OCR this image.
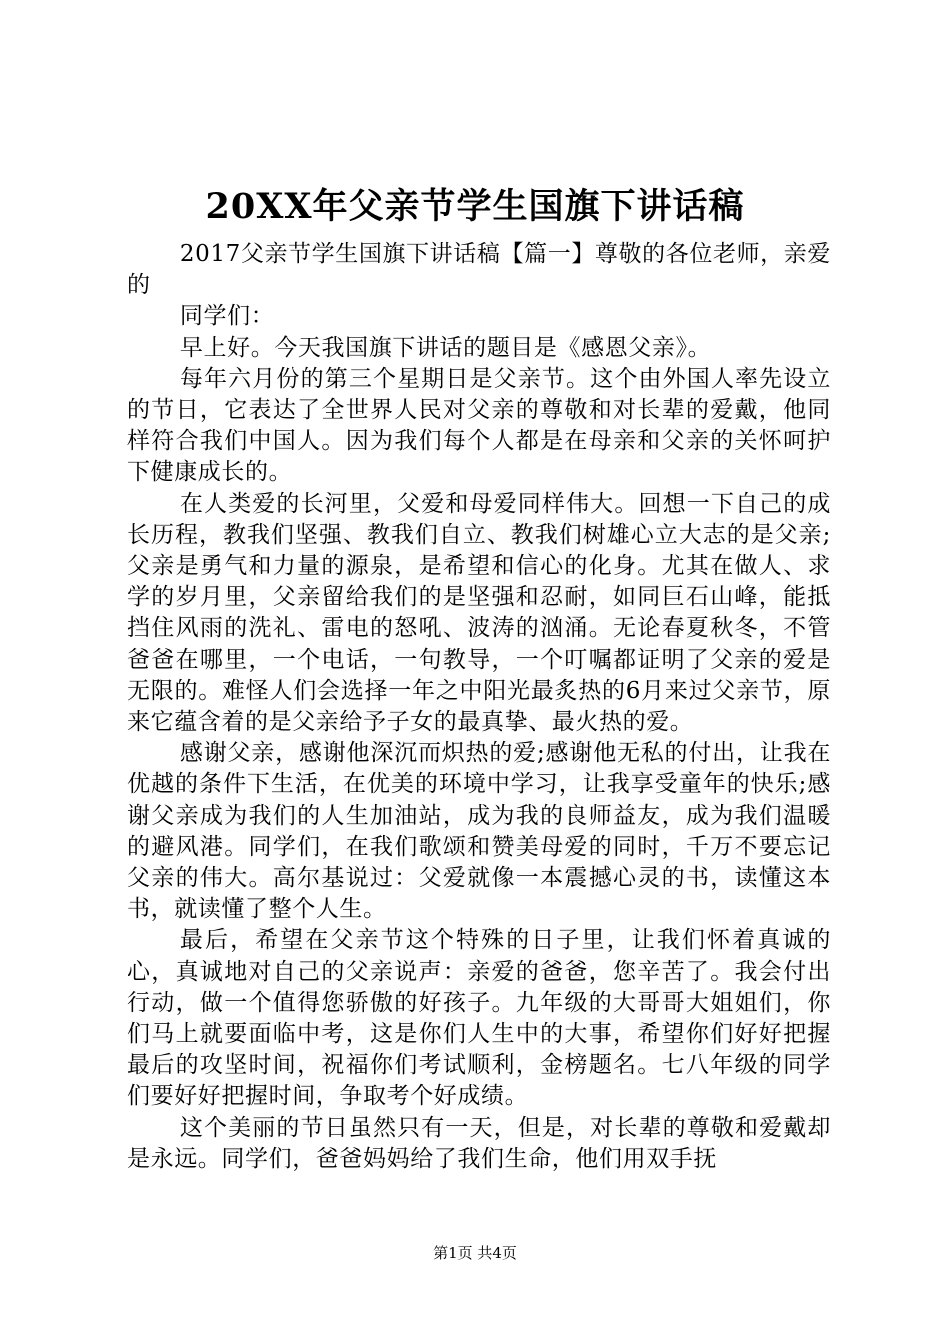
20XX年父亲节学生国旗下讲话稿

2017父亲节学生国旗下讲话稿【篇一】尊敬的各位老师，亲爱的

同学们：

早上好。今天我国旗下讲话的题目是《感恩父亲》。

每年六月份的第三个星期日是父亲节。这个由外国人率先设立的节日，它表达了全世界人民对父亲的尊敬和对长辈的爱戴，他同样符合我们中国人。因为我们每个人都是在母亲和父亲的关怀呵护下健康成长的。

在人类爱的长河里，父爱和母爱同样伟大。回想一下自己的成长历程，教我们坚强、教我们自立、教我们树雄心立大志的是父亲;父亲是勇气和力量的源泉，是希望和信心的化身。尤其在做人、求学的岁月里，父亲留给我们的是坚强和忍耐，如同巨石山峰，能抵挡住风雨的洗礼、雷电的怒吼、波涛的汹涌。无论春夏秋冬，不管爸爸在哪里，一个电话，一句教导，一个叮嘱都证明了父亲的爱是无限的。难怪人们会选择一年之中阳光最炙热的6月来过父亲节，原来它蕴含着的是父亲给予子女的最真挚、最火热的爱。

感谢父亲，感谢他深沉而炽热的爱;感谢他无私的付出，让我在优越的条件下生活，在优美的环境中学习，让我享受童年的快乐;感谢父亲成为我们的人生加油站，成为我的良师益友，成为我们温暖的避风港。同学们，在我们歌颂和赞美母爱的同时，千万不要忘记父亲的伟大。高尔基说过：父爱就像一本震撼心灵的书，读懂这本书，就读懂了整个人生。

最后，希望在父亲节这个特殊的日子里，让我们怀着真诚的心，真诚地对自己的父亲说声：亲爱的爸爸，您辛苦了。我会付出行动，做一个值得您骄傲的好孩子。九年级的大哥哥大姐姐们，你们马上就要面临中考，这是你们人生中的大事，希望你们好好把握最后的攻坚时间，祝福你们考试顺利，金榜题名。七八年级的同学们要好好把握时间，争取考个好成绩。

这个美丽的节日虽然只有一天，但是，对长辈的尊敬和爱戴却是永远。同学们，爸爸妈妈给了我们生命，他们用双手抚

第1页 共4页
